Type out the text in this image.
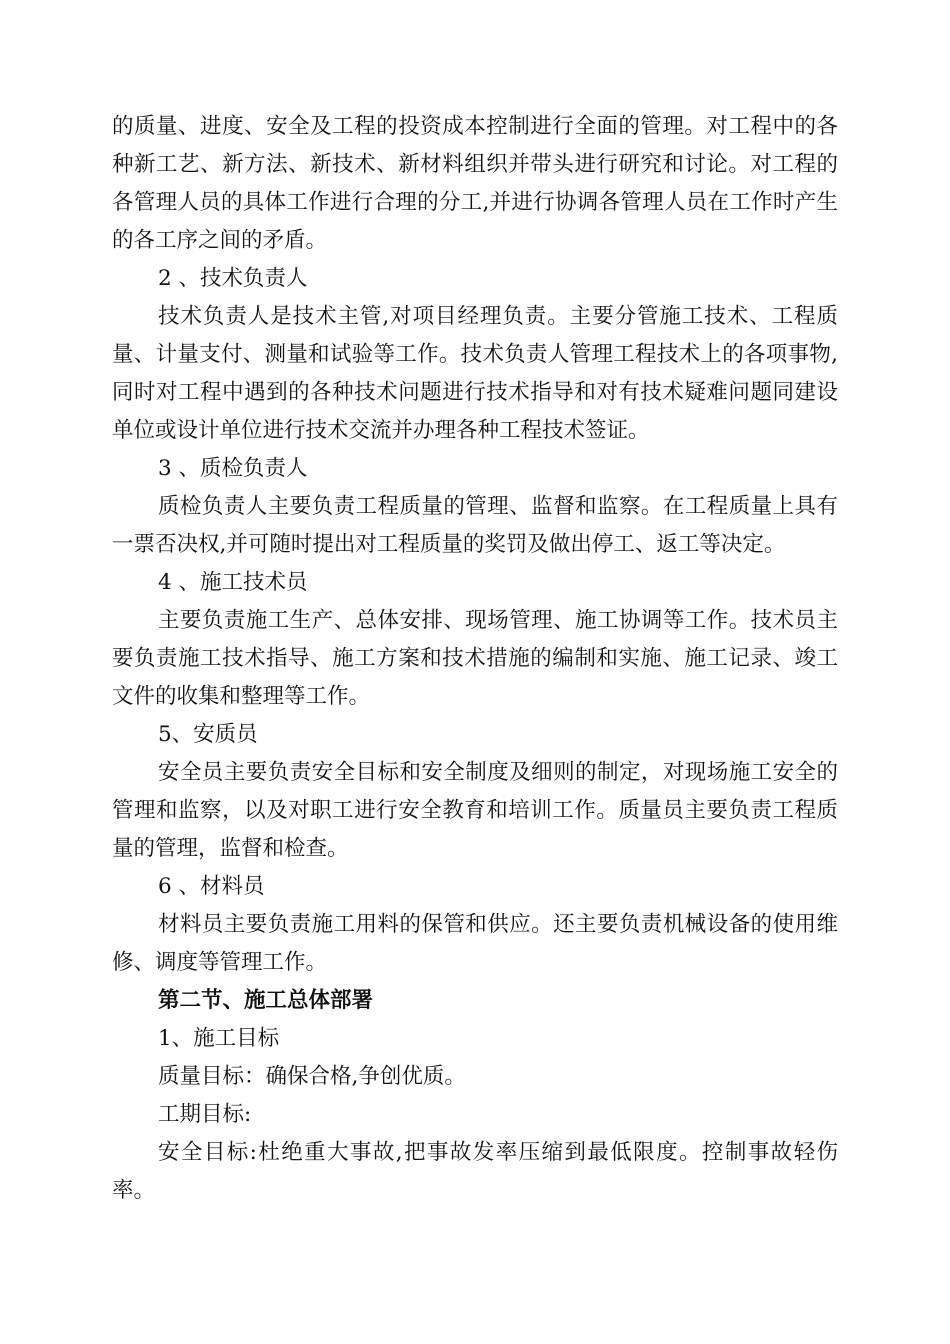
的质量、进度、安全及工程的投资成本控制进行全面的管理。对工程中的各种新工艺、新方法、新技术、新材料组织并带头进行研究和讨论。对工程的各管理人员的具体工作进行合理的分工,并进行协调各管理人员在工作时产生的各工序之间的矛盾。

2 、技术负责人

技术负责人是技术主管,对项目经理负责。主要分管施工技术、工程质量、计量支付、测量和试验等工作。技术负责人管理工程技术上的各项事物,同时对工程中遇到的各种技术问题进行技术指导和对有技术疑难问题同建设单位或设计单位进行技术交流并办理各种工程技术签证。

3 、质检负责人

质检负责人主要负责工程质量的管理、监督和监察。在工程质量上具有一票否决权,并可随时提出对工程质量的奖罚及做出停工、返工等决定。

4 、施工技术员

主要负责施工生产、总体安排、现场管理、施工协调等工作。技术员主要负责施工技术指导、施工方案和技术措施的编制和实施、施工记录、竣工文件的收集和整理等工作。

5、安质员

安全员主要负责安全目标和安全制度及细则的制定，对现场施工安全的管理和监察，以及对职工进行安全教育和培训工作。质量员主要负责工程质量的管理，监督和检查。

6 、材料员

材料员主要负责施工用料的保管和供应。还主要负责机械设备的使用维修、调度等管理工作。

第二节、施工总体部署

1、施工目标

质量目标：确保合格,争创优质。

工期目标:

安全目标:杜绝重大事故,把事故发率压缩到最低限度。控制事故轻伤率。
